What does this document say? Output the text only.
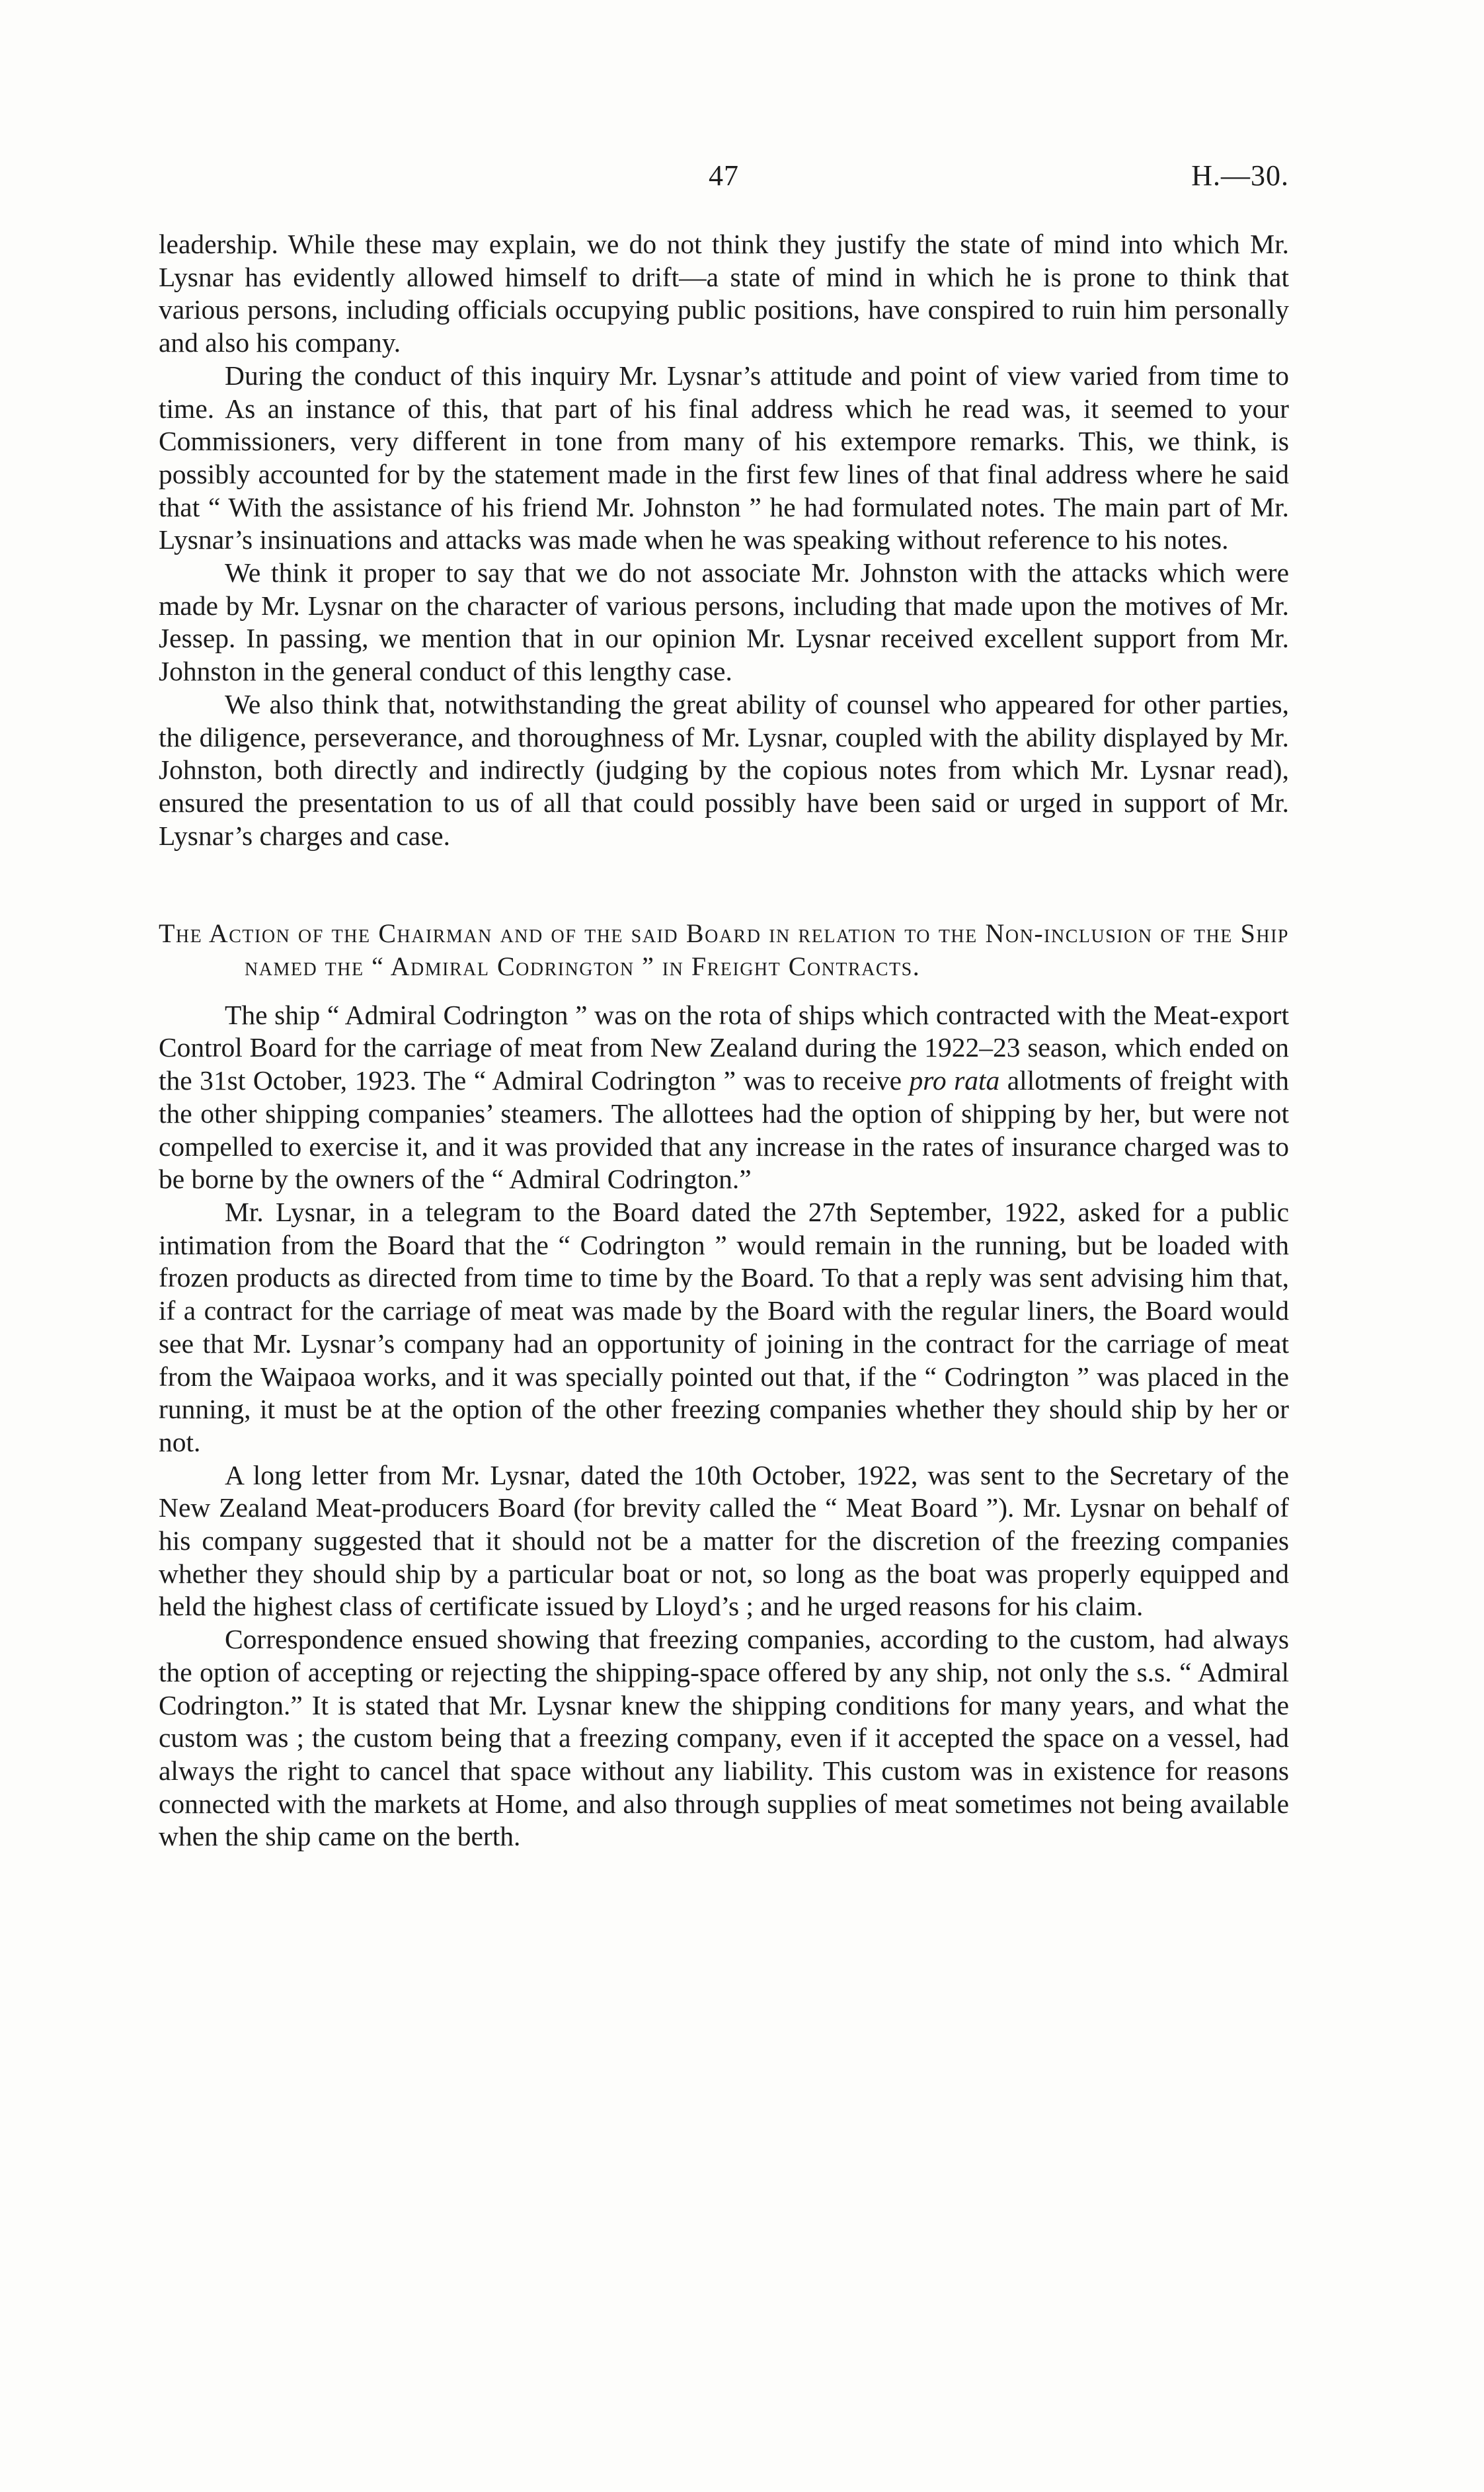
47	H.—30.

leadership. While these may explain, we do not think they justify the state of mind into which Mr. Lysnar has evidently allowed himself to drift—a state of mind in which he is prone to think that various persons, including officials occupying public positions, have conspired to ruin him personally and also his company.

During the conduct of this inquiry Mr. Lysnar’s attitude and point of view varied from time to time. As an instance of this, that part of his final address which he read was, it seemed to your Commissioners, very different in tone from many of his extempore remarks. This, we think, is possibly accounted for by the statement made in the first few lines of that final address where he said that “ With the assistance of his friend Mr. Johnston ” he had formulated notes. The main part of Mr. Lysnar’s insinuations and attacks was made when he was speaking without reference to his notes.

We think it proper to say that we do not associate Mr. Johnston with the attacks which were made by Mr. Lysnar on the character of various persons, including that made upon the motives of Mr. Jessep. In passing, we mention that in our opinion Mr. Lysnar received excellent support from Mr. Johnston in the general conduct of this lengthy case.

We also think that, notwithstanding the great ability of counsel who appeared for other parties, the diligence, perseverance, and thoroughness of Mr. Lysnar, coupled with the ability displayed by Mr. Johnston, both directly and indirectly (judging by the copious notes from which Mr. Lysnar read), ensured the presentation to us of all that could possibly have been said or urged in support of Mr. Lysnar’s charges and case.

The Action of the Chairman and of the said Board in relation to the Non-inclusion of the Ship named the “ Admiral Codrington ” in Freight Contracts.

The ship “ Admiral Codrington ” was on the rota of ships which contracted with the Meat-export Control Board for the carriage of meat from New Zealand during the 1922–23 season, which ended on the 31st October, 1923. The “ Admiral Codrington ” was to receive pro rata allotments of freight with the other shipping companies’ steamers. The allottees had the option of shipping by her, but were not compelled to exercise it, and it was provided that any increase in the rates of insurance charged was to be borne by the owners of the “ Admiral Codrington.”

Mr. Lysnar, in a telegram to the Board dated the 27th September, 1922, asked for a public intimation from the Board that the “ Codrington ” would remain in the running, but be loaded with frozen products as directed from time to time by the Board. To that a reply was sent advising him that, if a contract for the carriage of meat was made by the Board with the regular liners, the Board would see that Mr. Lysnar’s company had an opportunity of joining in the contract for the carriage of meat from the Waipaoa works, and it was specially pointed out that, if the “ Codrington ” was placed in the running, it must be at the option of the other freezing companies whether they should ship by her or not.

A long letter from Mr. Lysnar, dated the 10th October, 1922, was sent to the Secretary of the New Zealand Meat-producers Board (for brevity called the “ Meat Board ”). Mr. Lysnar on behalf of his company suggested that it should not be a matter for the discretion of the freezing companies whether they should ship by a particular boat or not, so long as the boat was properly equipped and held the highest class of certificate issued by Lloyd’s ; and he urged reasons for his claim.

Correspondence ensued showing that freezing companies, according to the custom, had always the option of accepting or rejecting the shipping-space offered by any ship, not only the s.s. “ Admiral Codrington.” It is stated that Mr. Lysnar knew the shipping conditions for many years, and what the custom was ; the custom being that a freezing company, even if it accepted the space on a vessel, had always the right to cancel that space without any liability. This custom was in existence for reasons connected with the markets at Home, and also through supplies of meat sometimes not being available when the ship came on the berth.
